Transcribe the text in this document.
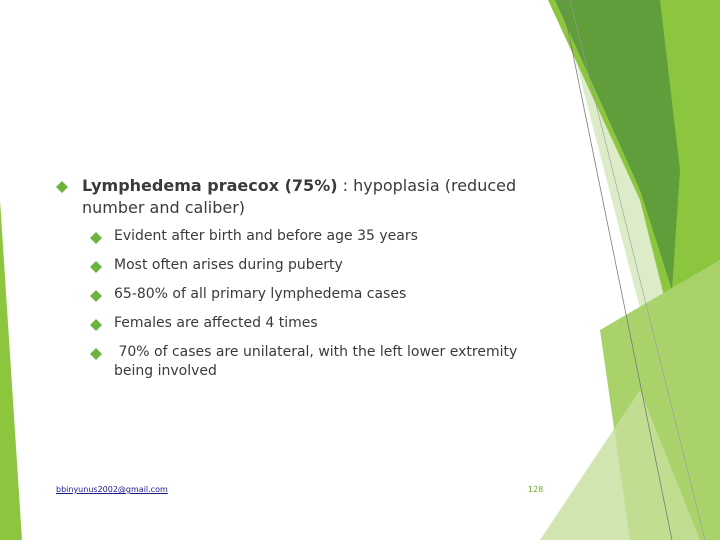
Lymphedema praecox (75%) : hypoplasia (reduced number and caliber)
Evident after birth and before age 35 years
Most often arises during puberty
65-80% of all primary lymphedema cases
Females are affected 4 times
70% of cases are unilateral, with the left lower extremity being involved
bbinyunus2002@gmail.com	128
